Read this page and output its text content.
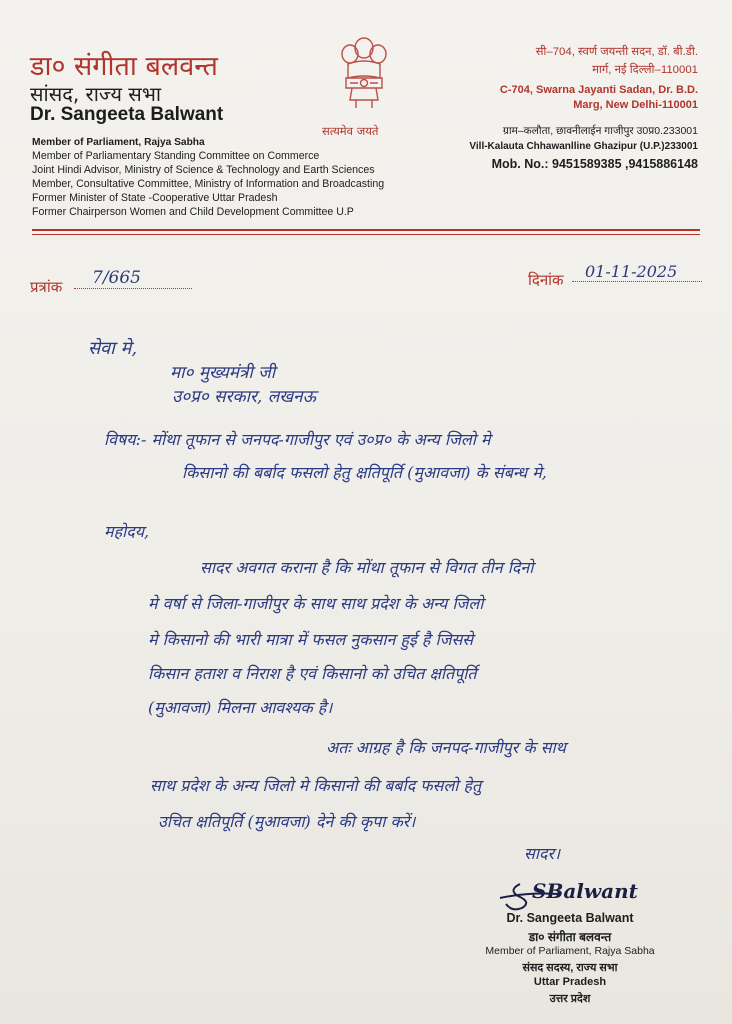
डा० संगीता बलवन्त
सांसद, राज्य सभा
Dr. Sangeeta Balwant
Member of Parliament, Rajya Sabha
Member of Parliamentary Standing Committee on Commerce
Joint Hindi Advisor, Ministry of Science & Technology and Earth Sciences
Member, Consultative Committee, Ministry of Information and Broadcasting
Former Minister of State -Cooperative Uttar Pradesh
Former Chairperson Women and Child Development Committee U.P
सत्यमेव जयते
सी–704, स्वर्ण जयन्ती सदन, डॉ. बी.डी.
मार्ग, नई दिल्ली–110001
C-704, Swarna Jayanti Sadan, Dr. B.D.
Marg, New Delhi-110001
ग्राम–कलौता, छावनीलाईन गाजीपुर उ0प्र0.233001
Vill-Kalauta Chhawanlline Ghazipur (U.P.)233001
Mob. No.: 9451589385 ,9415886148
प्रत्रांक 7/665	दिनांक 01-11-2025
सेवा मे,
मा० मुख्यमंत्री जी
उ०प्र० सरकार, लखनऊ
विषय:- मोंथा तूफान से जनपद-गाजीपुर एवं उ०प्र० के अन्य जिलो मे
किसानो की बर्बाद फसलो हेतु क्षतिपूर्ति (मुआवजा) के संबन्ध मे,
महोदय,
सादर अवगत कराना है कि मोंथा तूफान से विगत तीन दिनो
मे वर्षा से जिला-गाजीपुर के साथ साथ प्रदेश के अन्य जिलो
मे किसानो की भारी मात्रा में फसल नुकसान हुई है जिससे
किसान हताश व निराश है एवं किसानो को उचित क्षतिपूर्ति
(मुआवजा) मिलना आवश्यक है।
अतः आग्रह है कि जनपद-गाजीपुर के साथ
साथ प्रदेश के अन्य जिलो मे किसानो की बर्बाद फसलो हेतु
उचित क्षतिपूर्ति (मुआवजा) देने की कृपा करें।
सादर।
SBalwant
Dr. Sangeeta Balwant
डा० संगीता बलवन्त
Member of Parliament, Rajya Sabha
संसद सदस्य, राज्य सभा
Uttar Pradesh
उत्तर प्रदेश
